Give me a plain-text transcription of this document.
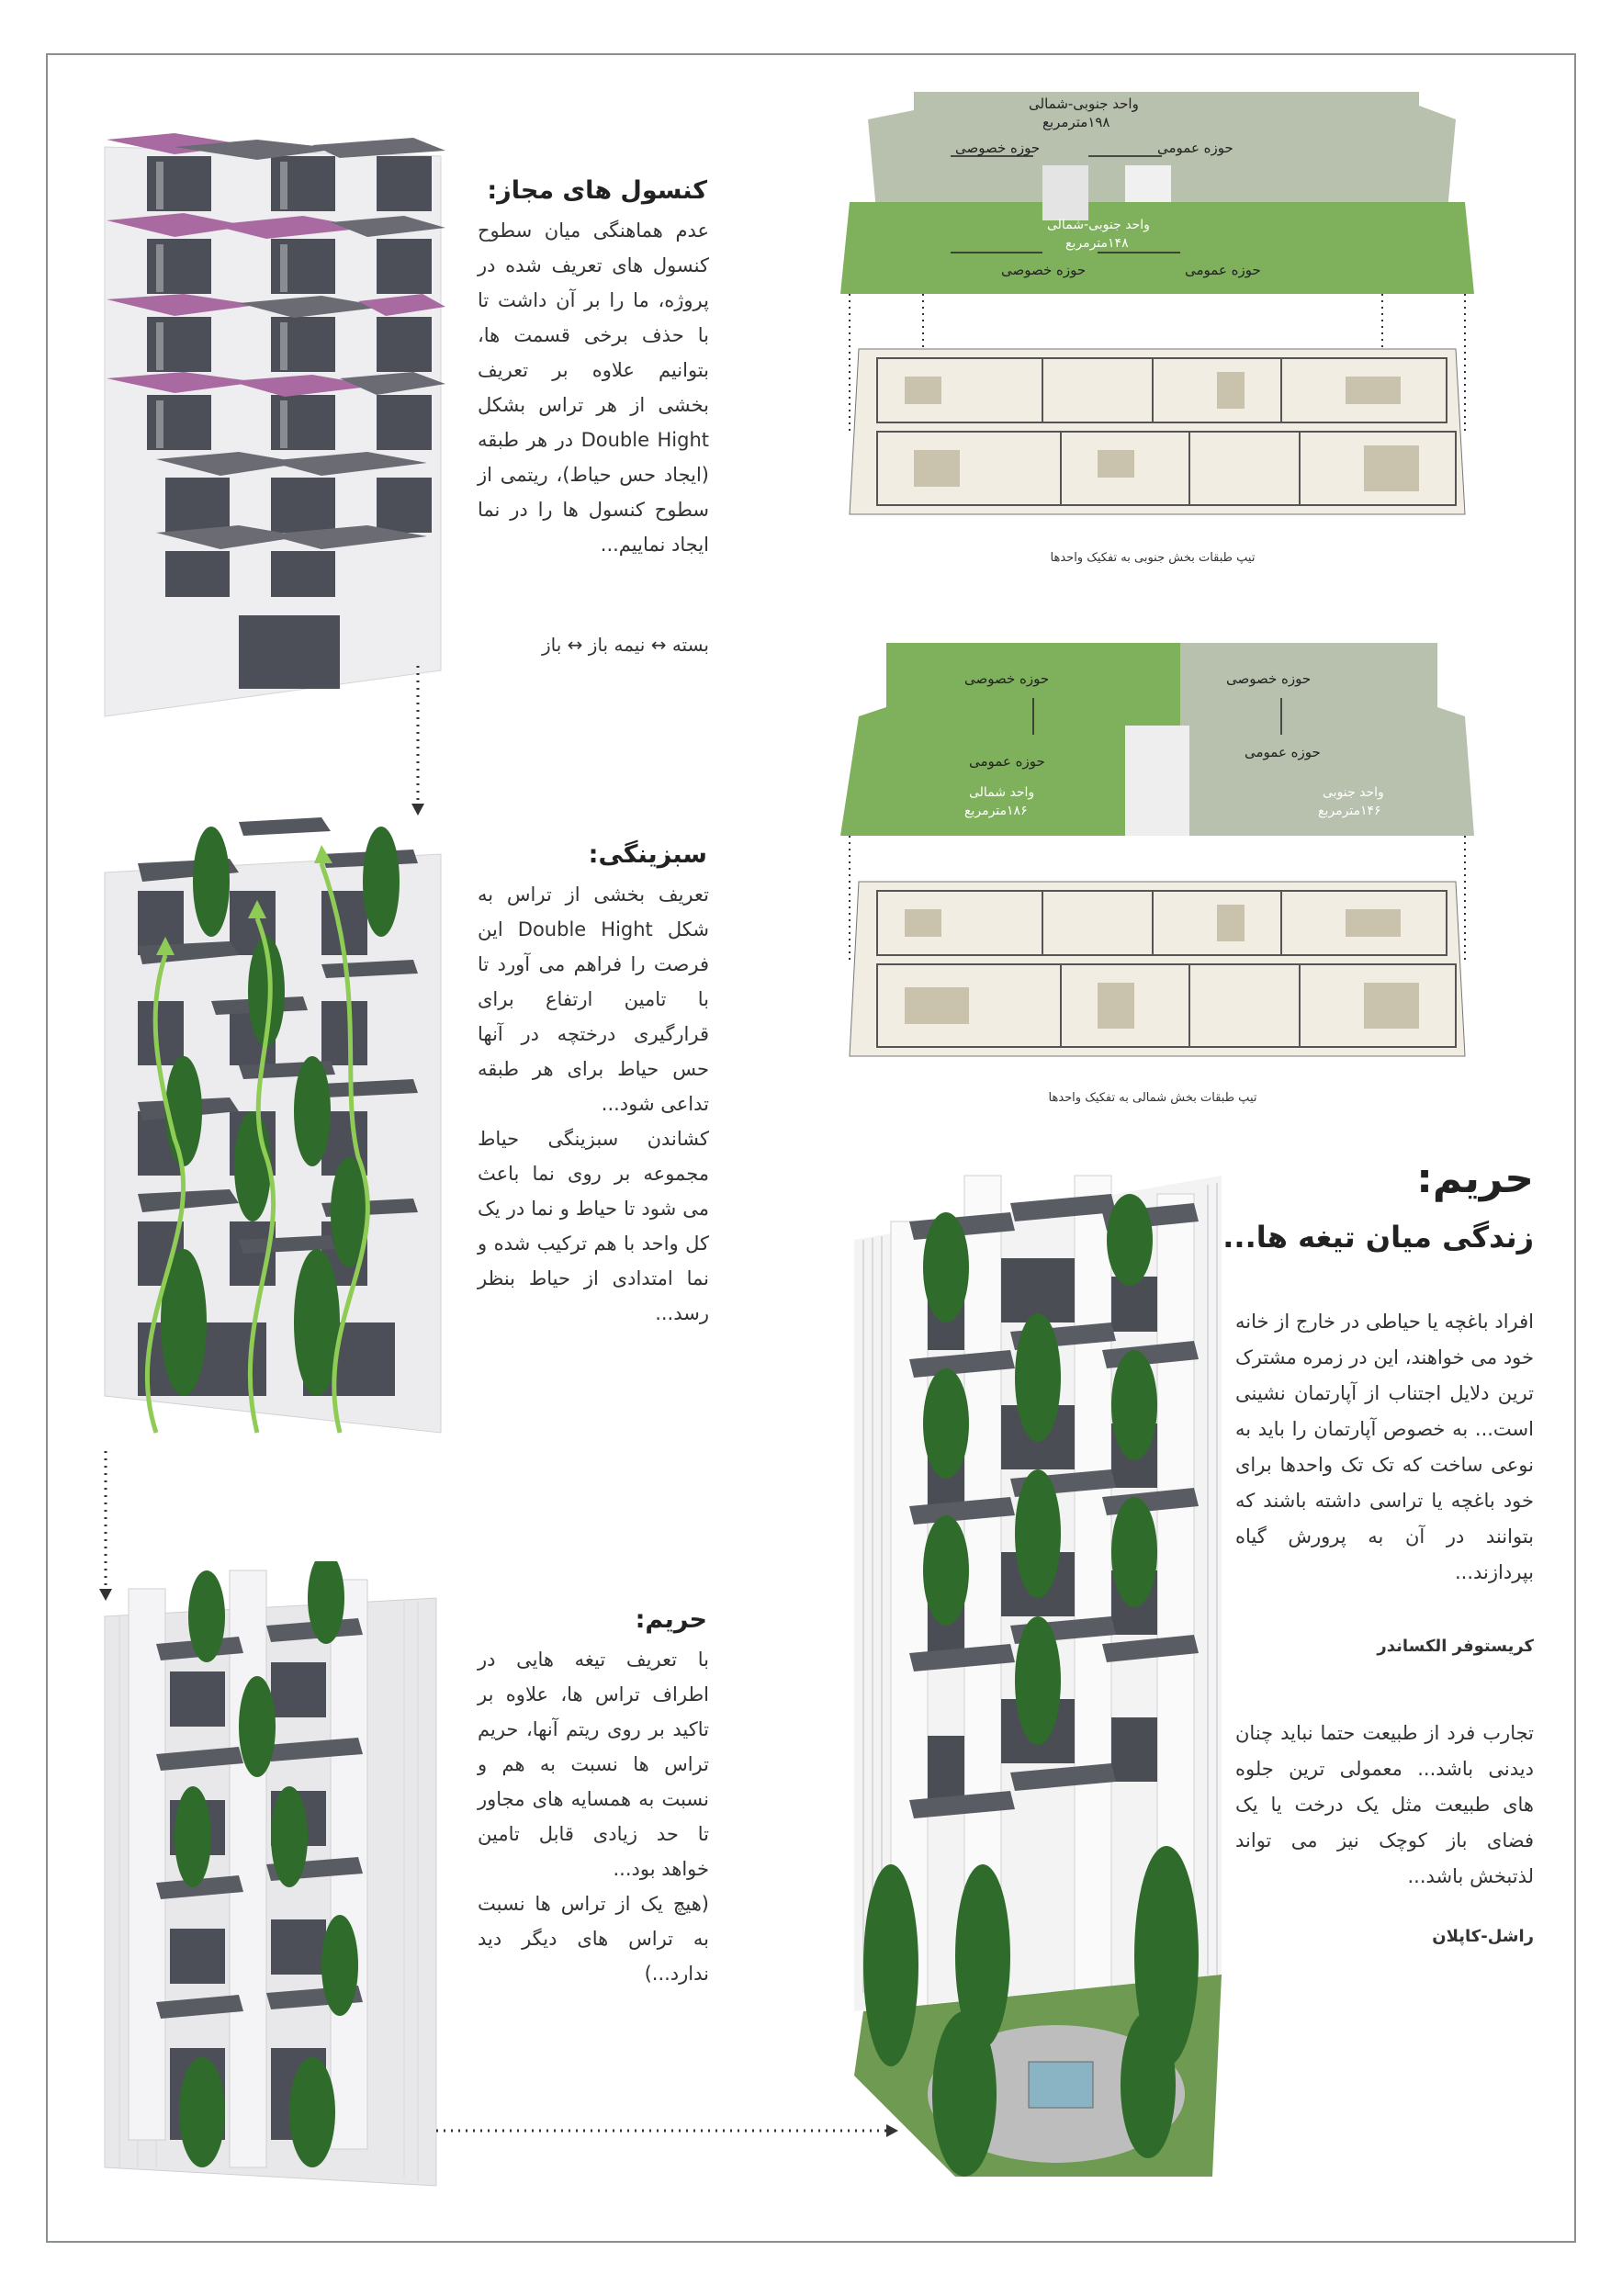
کنسول های مجاز:
عدم هماهنگی میان سطوح کنسول های تعریف شده در پروژه، ما را بر آن داشت تا با حذف برخی قسمت ها، بتوانیم علاوه بر تعریف بخشی از هر تراس بشکل Double Hight در هر طبقه (ایجاد حس حیاط)، ریتمی از سطوح کنسول ها را در نما ایجاد نماییم...
بسته ↔ نیمه باز ↔ باز
سبزینگی:
تعریف بخشی از تراس به شکل Double Hight این فرصت را فراهم می آورد تا با تامین ارتفاع برای قرارگیری درختچه در آنها حس حیاط برای هر طبقه تداعی شود...
کشاندن سبزینگی حیاط مجموعه بر روی نما باعث می شود تا حیاط و نما در یک کل واحد با هم ترکیب شده و نما امتدادی از حیاط بنظر رسد...
حریم:
با تعریف تیغه هایی در اطراف تراس ها، علاوه بر تاکید بر روی ریتم آنها، حریم تراس ها نسبت به هم و نسبت به همسایه های مجاور تا حد زیادی قابل تامین خواهد بود...
(هیچ یک از تراس ها نسبت به تراس های دیگر دید ندارد...)
واحد جنوبی-شمالی
۱۹۸مترمربع
حوزه خصوصی	حوزه عمومی
واحد جنوبی-شمالی
۱۴۸مترمربع
حوزه خصوصی	حوزه عمومی
تیپ طبقات بخش جنوبی به تفکیک واحدها
حوزه خصوصی
حوزه عمومی
واحد شمالی
۱۸۶مترمربع
حوزه خصوصی
حوزه عمومی
واحد جنوبی
۱۴۶مترمربع
تیپ طبقات بخش شمالی به تفکیک واحدها
حریم:
زندگی میان تیغه ها...
افراد باغچه یا حیاطی در خارج از خانه خود می خواهند، این در زمره مشترک ترین دلایل اجتناب از آپارتمان نشینی است... به خصوص آپارتمان را باید به نوعی ساخت که تک تک واحدها برای خود باغچه یا تراسی داشته باشند که بتوانند در آن به پرورش گیاه بپردازند...
کریستوفر الکساندر
تجارب فرد از طبیعت حتما نباید چنان دیدنی باشد... معمولی ترین جلوه های طبیعت مثل یک درخت یا یک فضای باز کوچک نیز می تواند لذتبخش باشد...
راشل-کاپلان
